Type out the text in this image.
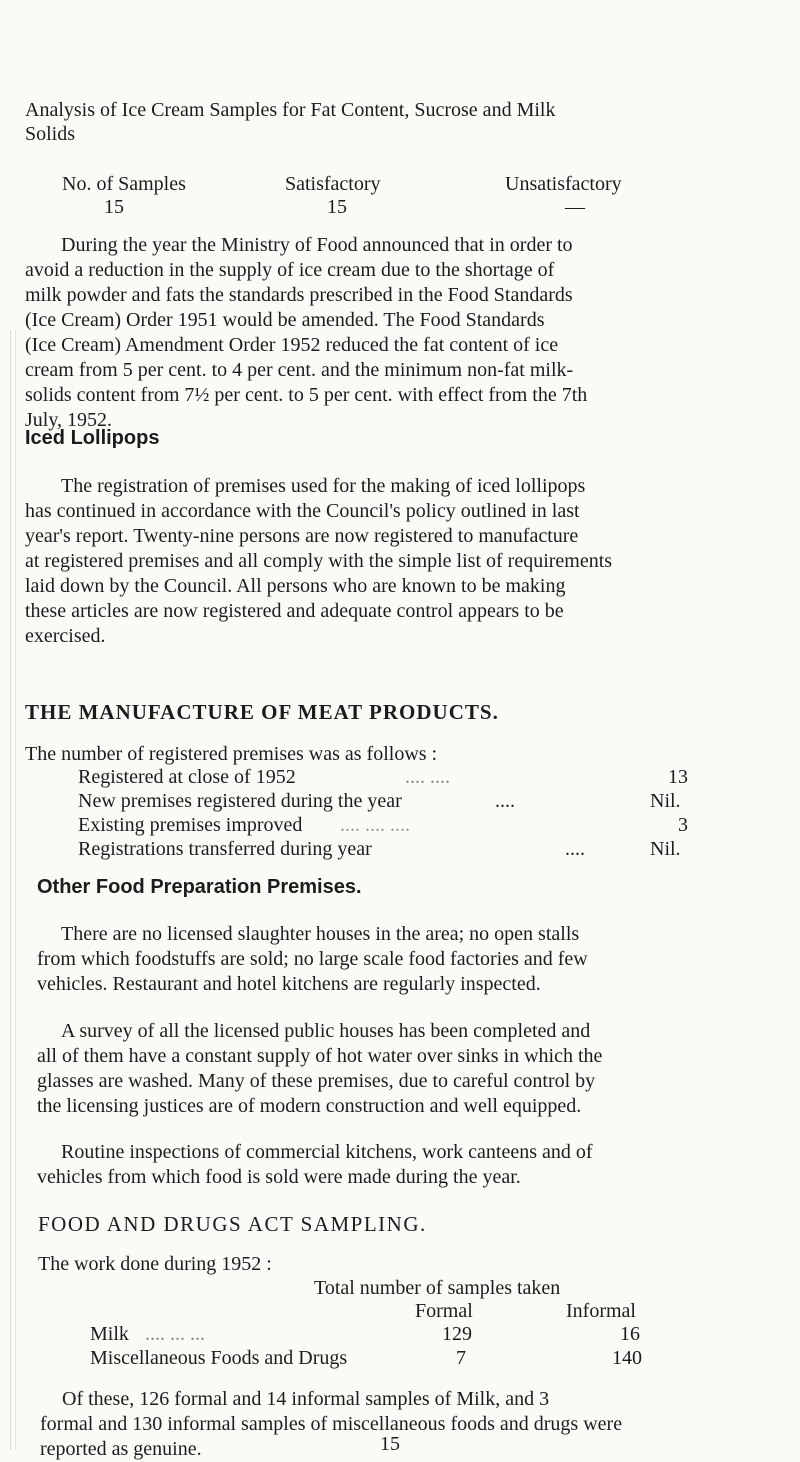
Analysis of Ice Cream Samples for Fat Content, Sucrose and Milk
Solids
No. of Samples	Satisfactory	Unsatisfactory
15	15	—
During the year the Ministry of Food announced that in order to
avoid a reduction in the supply of ice cream due to the shortage of
milk powder and fats the standards prescribed in the Food Standards
(Ice Cream) Order 1951 would be amended. The Food Standards
(Ice Cream) Amendment Order 1952 reduced the fat content of ice
cream from 5 per cent. to 4 per cent. and the minimum non-fat milk-
solids content from 7½ per cent. to 5 per cent. with effect from the 7th
July, 1952.
Iced Lollipops
The registration of premises used for the making of iced lollipops
has continued in accordance with the Council's policy outlined in last
year's report. Twenty-nine persons are now registered to manufacture
at registered premises and all comply with the simple list of requirements
laid down by the Council. All persons who are known to be making
these articles are now registered and adequate control appears to be
exercised.
THE MANUFACTURE OF MEAT PRODUCTS.
The number of registered premises was as follows :
Registered at close of 1952	.... ....	13
New premises registered during the year	....	Nil.
Existing premises improved .... .... ....	3
Registrations transferred during year	....	Nil.
Other Food Preparation Premises.
There are no licensed slaughter houses in the area; no open stalls
from which foodstuffs are sold; no large scale food factories and few
vehicles. Restaurant and hotel kitchens are regularly inspected.
A survey of all the licensed public houses has been completed and
all of them have a constant supply of hot water over sinks in which the
glasses are washed. Many of these premises, due to careful control by
the licensing justices are of modern construction and well equipped.
Routine inspections of commercial kitchens, work canteens and of
vehicles from which food is sold were made during the year.
FOOD AND DRUGS ACT SAMPLING.
The work done during 1952 :
Total number of samples taken
Formal	Informal
Milk .... ... ...	129	16
Miscellaneous Foods and Drugs	7	140
Of these, 126 formal and 14 informal samples of Milk, and 3
formal and 130 informal samples of miscellaneous foods and drugs were
reported as genuine.	15
